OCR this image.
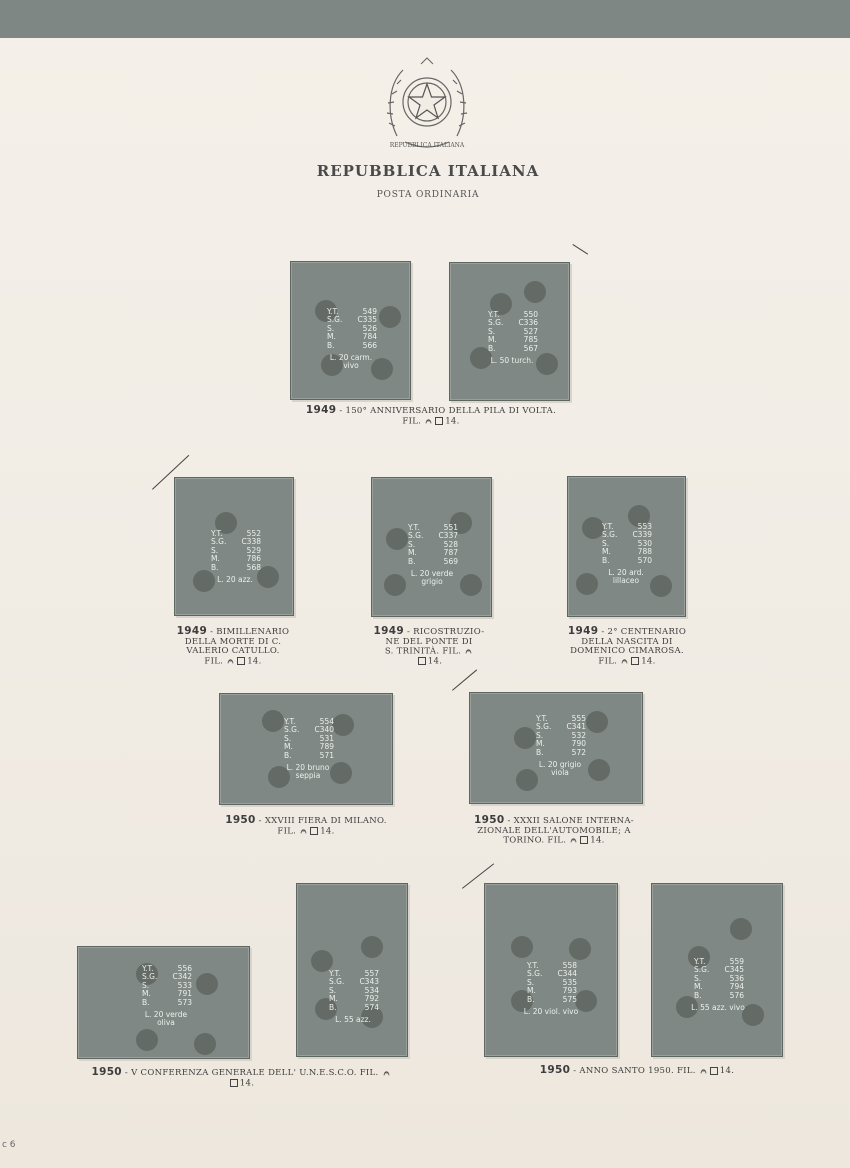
REPUBBLICA ITALIANA
REPUBBLICA ITALIANA
POSTA ORDINARIA
Y.T.	549
S.G.	C335
S.	526
M.	784
B.	566
L. 20 carm. vivo
Y.T.	550
S.G.	C336
S.	527
M.	785
B.	567
L. 50 turch.
Y.T.	552
S.G.	C338
S.	529
M.	786
B.	568
L. 20 azz.
Y.T.	551
S.G.	C337
S.	528
M.	787
B.	569
L. 20 verde grigio
Y.T.	553
S.G.	C339
S.	530
M.	788
B.	570
L. 20 ard. lillaceo
Y.T.	554
S.G.	C340
S.	531
M.	789
B.	571
L. 20 bruno seppia
Y.T.	555
S.G.	C341
S.	532
M.	790
B.	572
L. 20 grigio viola
Y.T.	556
S.G.	C342
S.	533
M.	791
B.	573
L. 20 verde oliva
Y.T.	557
S.G.	C343
S.	534
M.	792
B.	574
L. 55 azz.
Y.T.	558
S.G.	C344
S.	535
M.	793
B.	575
L. 20 viol. vivo
Y.T.	559
S.G.	C345
S.	536
M.	794
B.	576
L. 55 azz. vivo
1949 - 150° ANNIVERSARIO DELLA PILA DI VOLTA.
FIL.	14.
1949 - BIMILLENARIO
DELLA MORTE DI C.
VALERIO CATULLO.
FIL.	14.
1949 - RICOSTRUZIO-
NE DEL PONTE DI
S. TRINITÀ. FIL.
14.
1949 - 2° CENTENARIO
DELLA NASCITA DI
DOMENICO CIMAROSA.
FIL.	14.
1950 - XXVIII FIERA DI MILANO.
FIL.	14.
1950 - XXXII SALONE INTERNA-
ZIONALE DELL'AUTOMOBILE; A
TORINO. FIL.	14.
1950 - V CONFERENZA GENERALE DELL' U.N.E.S.C.O. FIL.
14.
1950 - ANNO SANTO 1950. FIL.	14.
c 6
